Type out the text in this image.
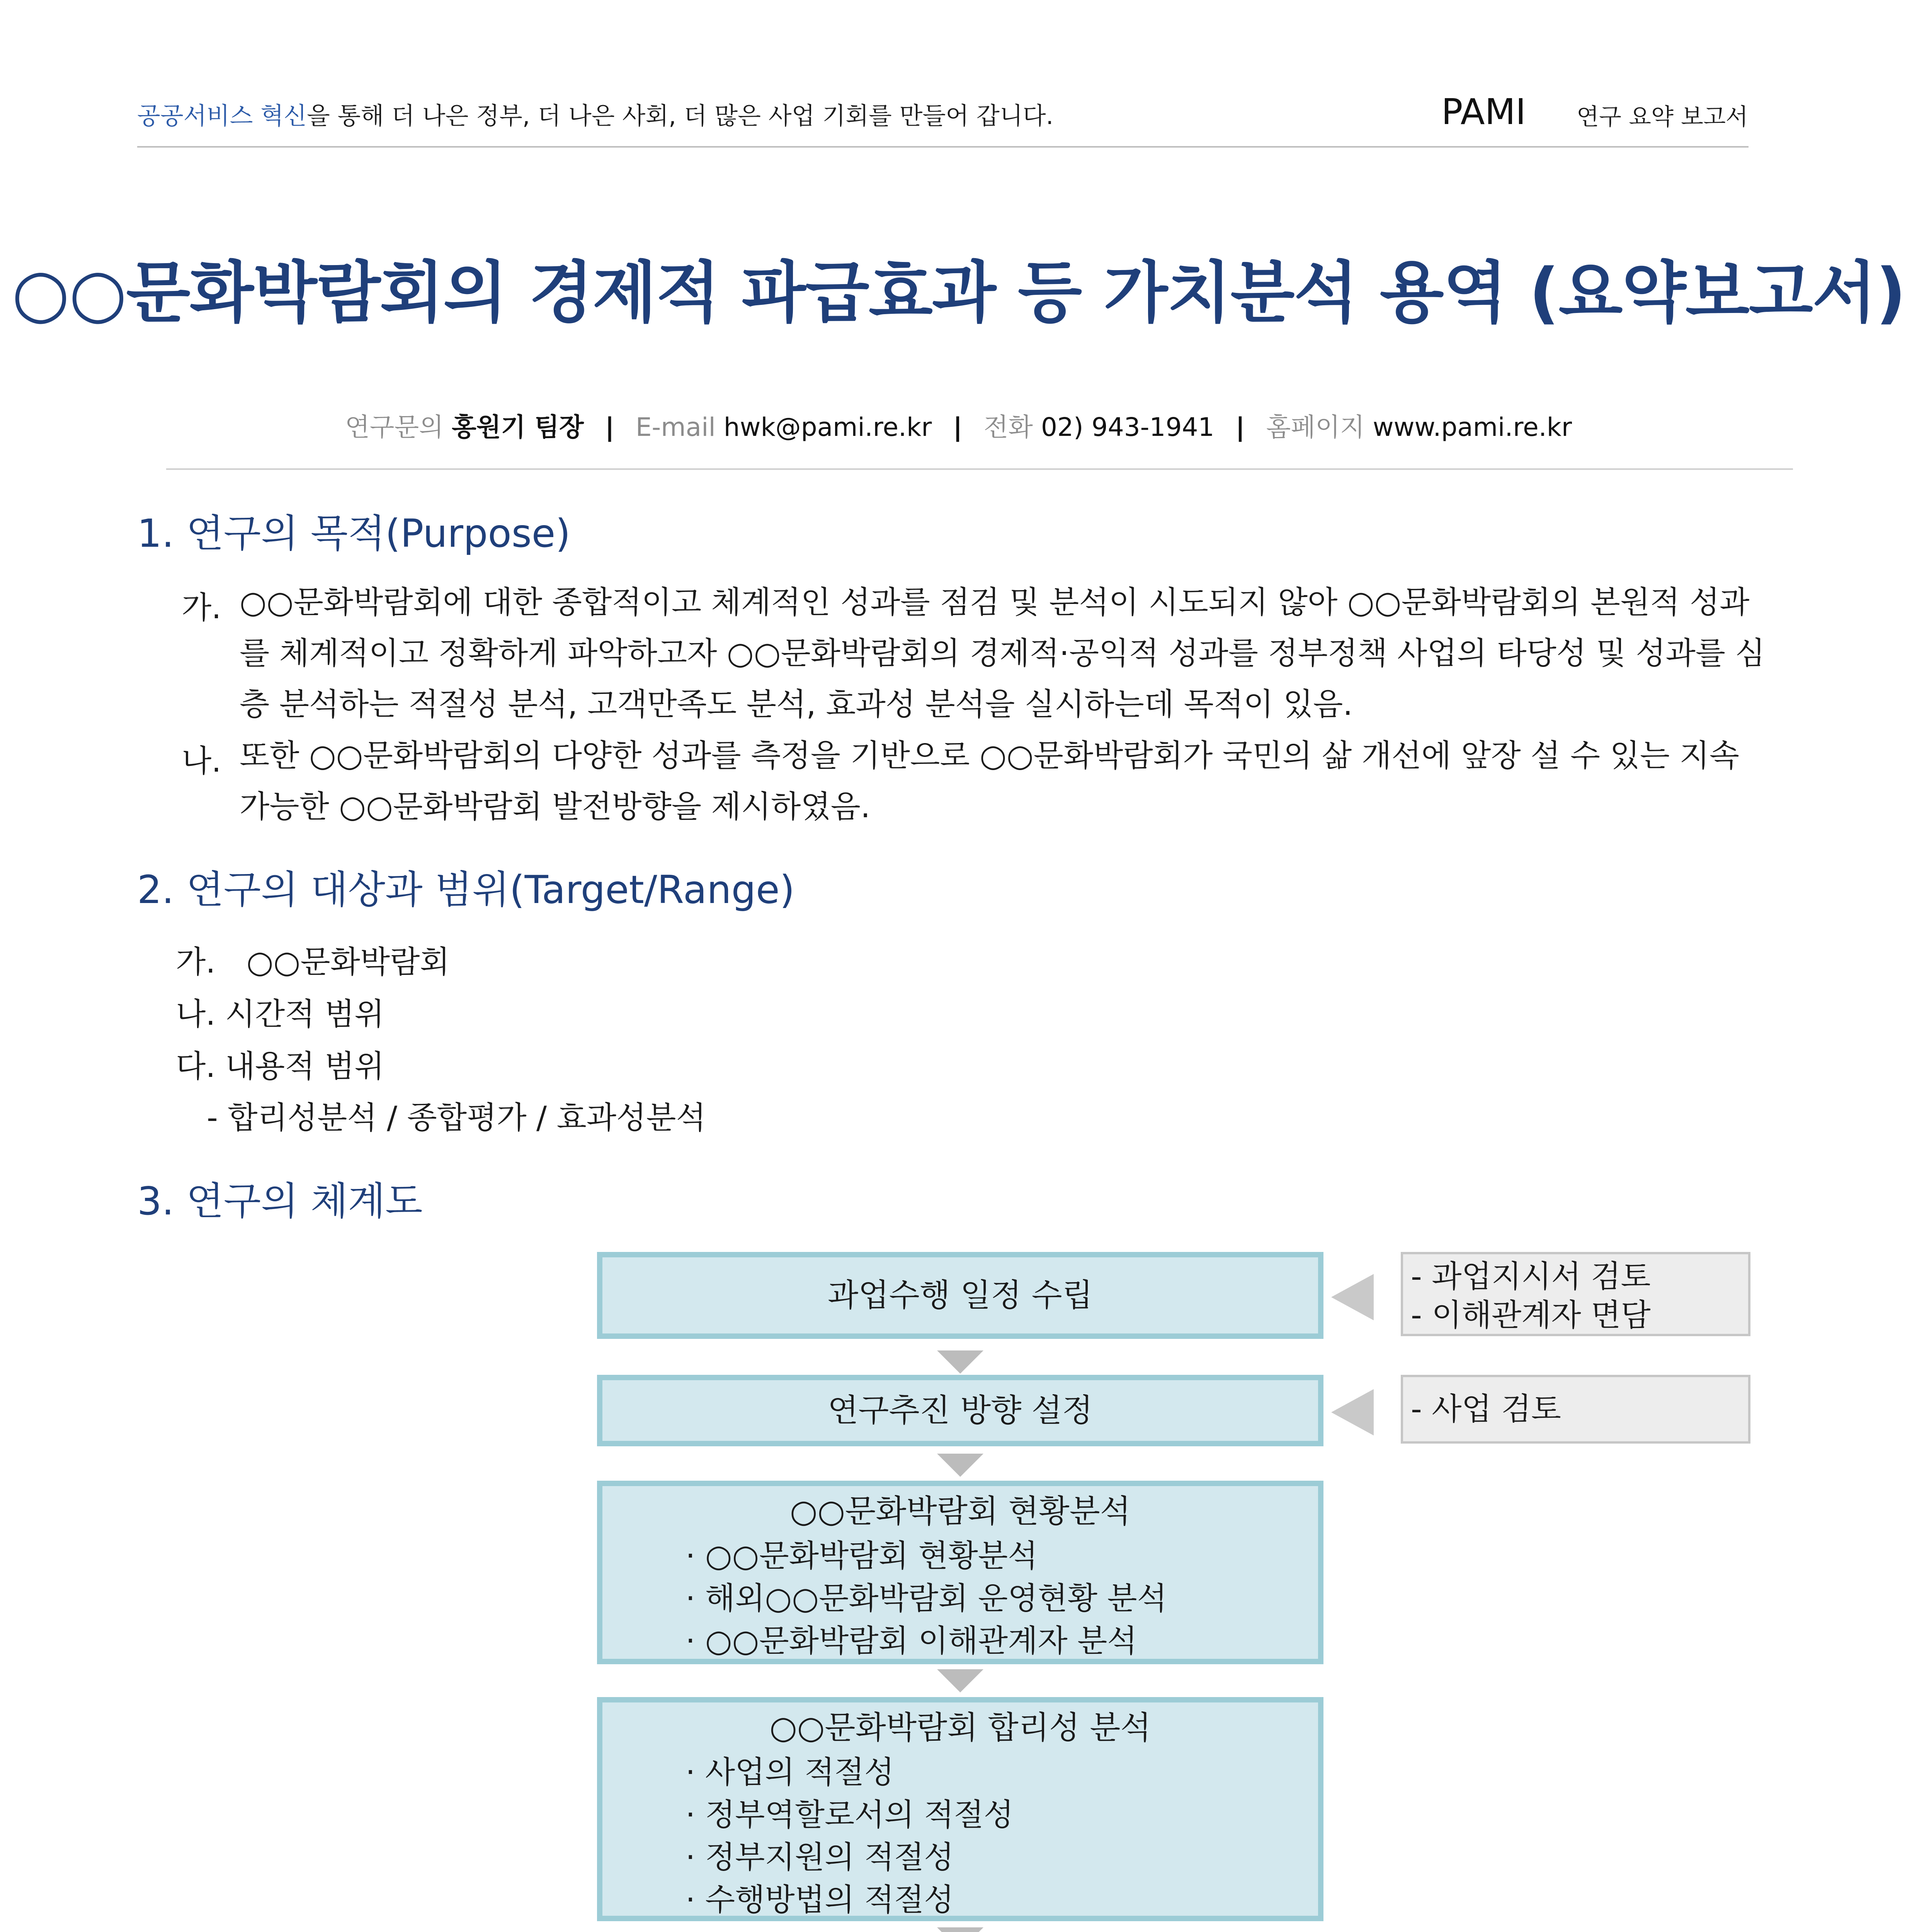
공공서비스 혁신을 통해 더 나은 정부, 더 나은 사회, 더 많은 사업 기회를 만들어 갑니다.	PAMI 연구 요약 보고서
○○문화박람회의 경제적 파급효과 등 가치분석 용역 (요약보고서)
연구문의 홍원기 팀장 | E-mail hwk@pami.re.kr | 전화 02) 943-1941 | 홈페이지 www.pami.re.kr
1. 연구의 목적(Purpose)
가. ○○문화박람회에 대한 종합적이고 체계적인 성과를 점검 및 분석이 시도되지 않아 ○○문화박람회의 본원적 성과
를 체계적이고 정확하게 파악하고자 ○○문화박람회의 경제적·공익적 성과를 정부정책 사업의 타당성 및 성과를 심
층 분석하는 적절성 분석, 고객만족도 분석, 효과성 분석을 실시하는데 목적이 있음.
나. 또한 ○○문화박람회의 다양한 성과를 측정을 기반으로 ○○문화박람회가 국민의 삶 개선에 앞장 설 수 있는 지속
가능한 ○○문화박람회 발전방향을 제시하였음.
2. 연구의 대상과 범위(Target/Range)
가. ○○문화박람회
나. 시간적 범위
다. 내용적 범위
- 합리성분석 / 종합평가 / 효과성분석
3. 연구의 체계도
과업수행 일정 수립
- 과업지시서 검토
- 이해관계자 면담
연구추진 방향 설정	- 사업 검토
○○문화박람회 현황분석
· ○○문화박람회 현황분석
· 해외○○문화박람회 운영현황 분석
· ○○문화박람회 이해관계자 분석
○○문화박람회 합리성 분석
· 사업의 적절성
· 정부역할로서의 적절성
· 정부지원의 적절성
· 수행방법의 적절성
